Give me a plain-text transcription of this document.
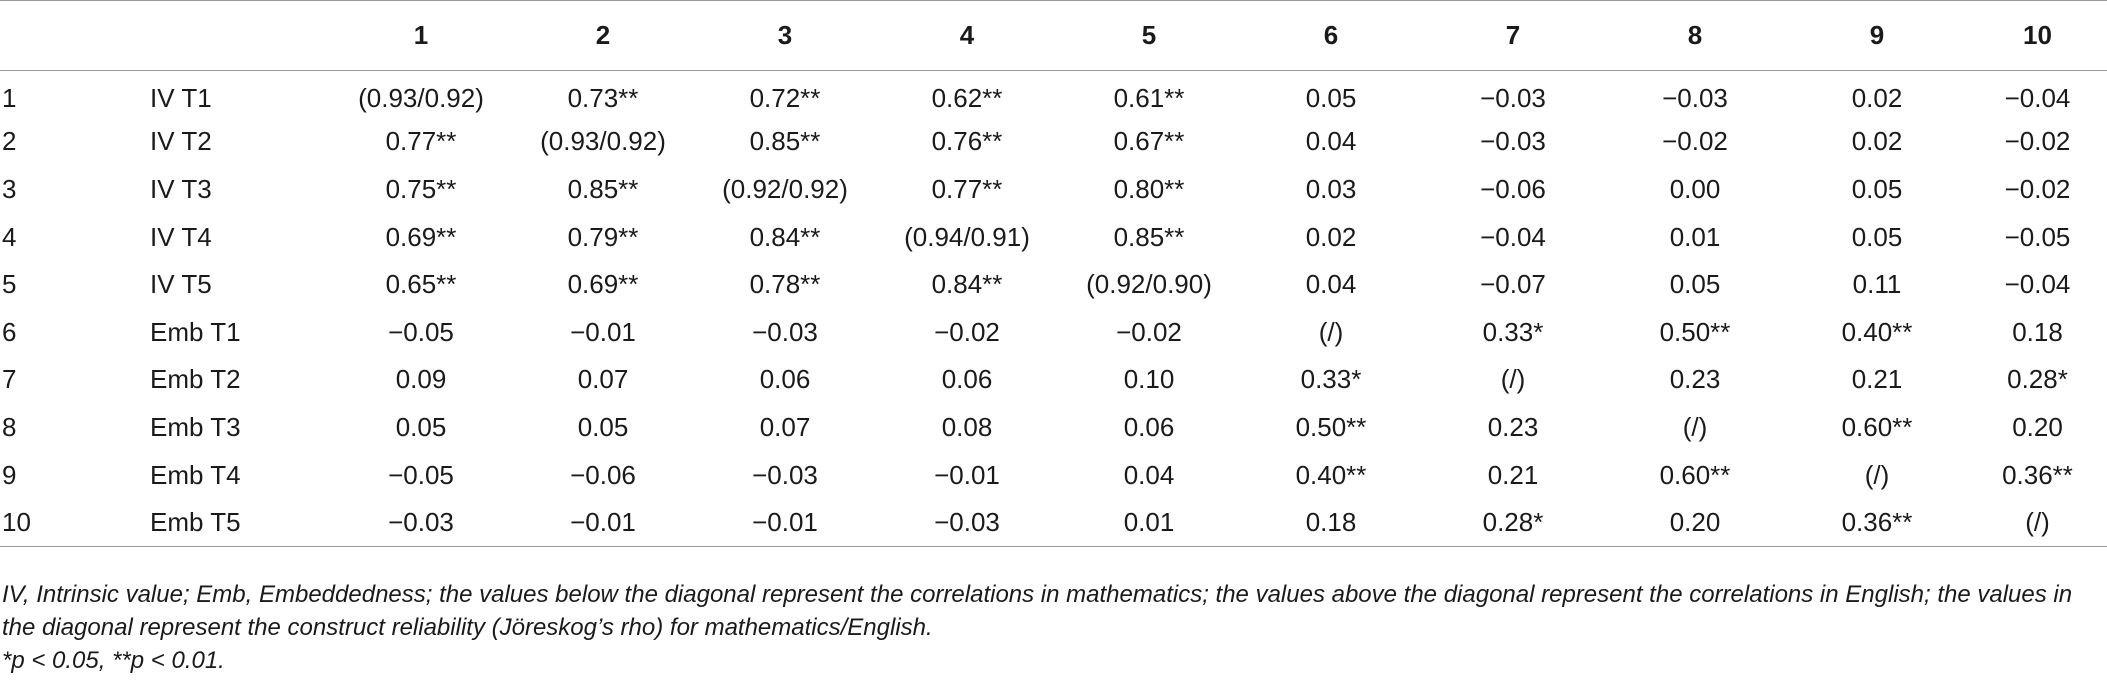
		1	2	3	4	5	6	7	8	9	10
1	IV T1	(0.93/0.92)	0.73**	0.72**	0.62**	0.61**	0.05	−0.03	−0.03	0.02	−0.04
2	IV T2	0.77**	(0.93/0.92)	0.85**	0.76**	0.67**	0.04	−0.03	−0.02	0.02	−0.02
3	IV T3	0.75**	0.85**	(0.92/0.92)	0.77**	0.80**	0.03	−0.06	0.00	0.05	−0.02
4	IV T4	0.69**	0.79**	0.84**	(0.94/0.91)	0.85**	0.02	−0.04	0.01	0.05	−0.05
5	IV T5	0.65**	0.69**	0.78**	0.84**	(0.92/0.90)	0.04	−0.07	0.05	0.11	−0.04
6	Emb T1	−0.05	−0.01	−0.03	−0.02	−0.02	(/)	0.33*	0.50**	0.40**	0.18
7	Emb T2	0.09	0.07	0.06	0.06	0.10	0.33*	(/)	0.23	0.21	0.28*
8	Emb T3	0.05	0.05	0.07	0.08	0.06	0.50**	0.23	(/)	0.60**	0.20
9	Emb T4	−0.05	−0.06	−0.03	−0.01	0.04	0.40**	0.21	0.60**	(/)	0.36**
10	Emb T5	−0.03	−0.01	−0.01	−0.03	0.01	0.18	0.28*	0.20	0.36**	(/)

IV, Intrinsic value; Emb, Embeddedness; the values below the diagonal represent the correlations in mathematics; the values above the diagonal represent the correlations in English; the values in the diagonal represent the construct reliability (Jöreskog’s rho) for mathematics/English.

*p < 0.05, **p < 0.01.
